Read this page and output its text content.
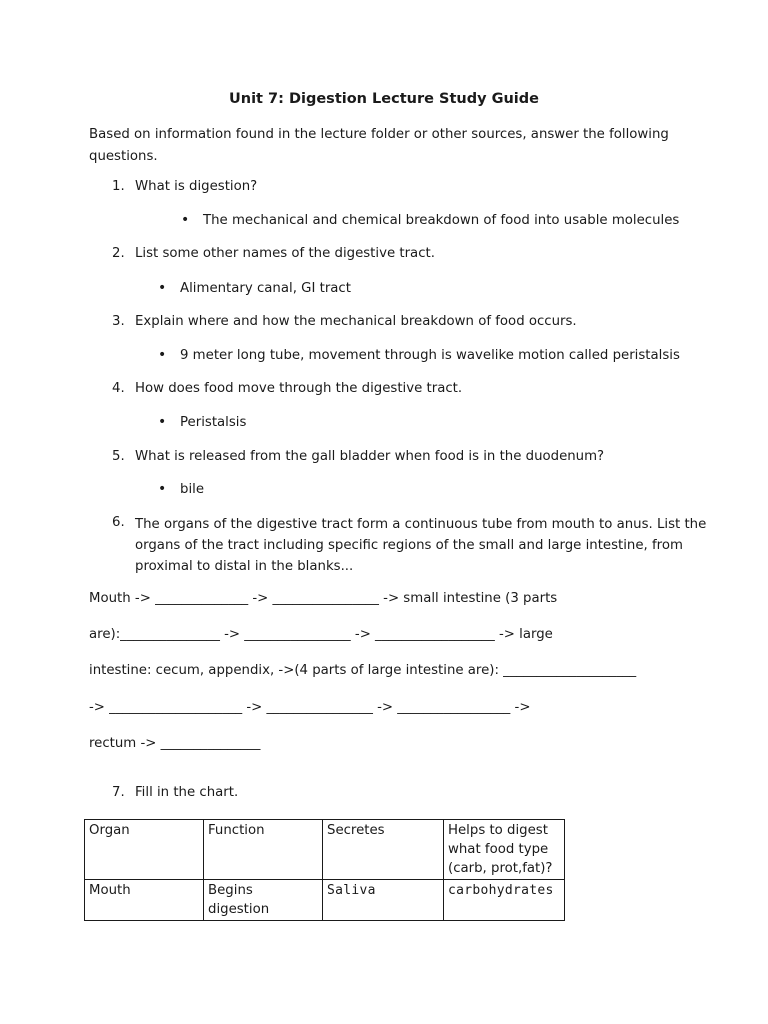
Unit 7: Digestion Lecture Study Guide
Based on information found in the lecture folder or other sources, answer the following questions.
1. What is digestion?
• The mechanical and chemical breakdown of food into usable molecules
2. List some other names of the digestive tract.
• Alimentary canal, GI tract
3. Explain where and how the mechanical breakdown of food occurs.
• 9 meter long tube, movement through is wavelike motion called peristalsis
4. How does food move through the digestive tract.
• Peristalsis
5. What is released from the gall bladder when food is in the duodenum?
• bile
6. The organs of the digestive tract form a continuous tube from mouth to anus. List the organs of the tract including specific regions of the small and large intestine, from proximal to distal in the blanks...
Mouth -> ______________ -> ________________ -> small intestine (3 parts
are):_______________ -> ________________ -> __________________ -> large
intestine: cecum, appendix, ->(4 parts of large intestine are): ____________________
-> ____________________ -> ________________ -> _________________ ->
rectum -> _______________
7. Fill in the chart.
Organ	Function	Secretes	Helps to digest what food type (carb, prot,fat)?
Mouth	Begins digestion	Saliva	carbohydrates
